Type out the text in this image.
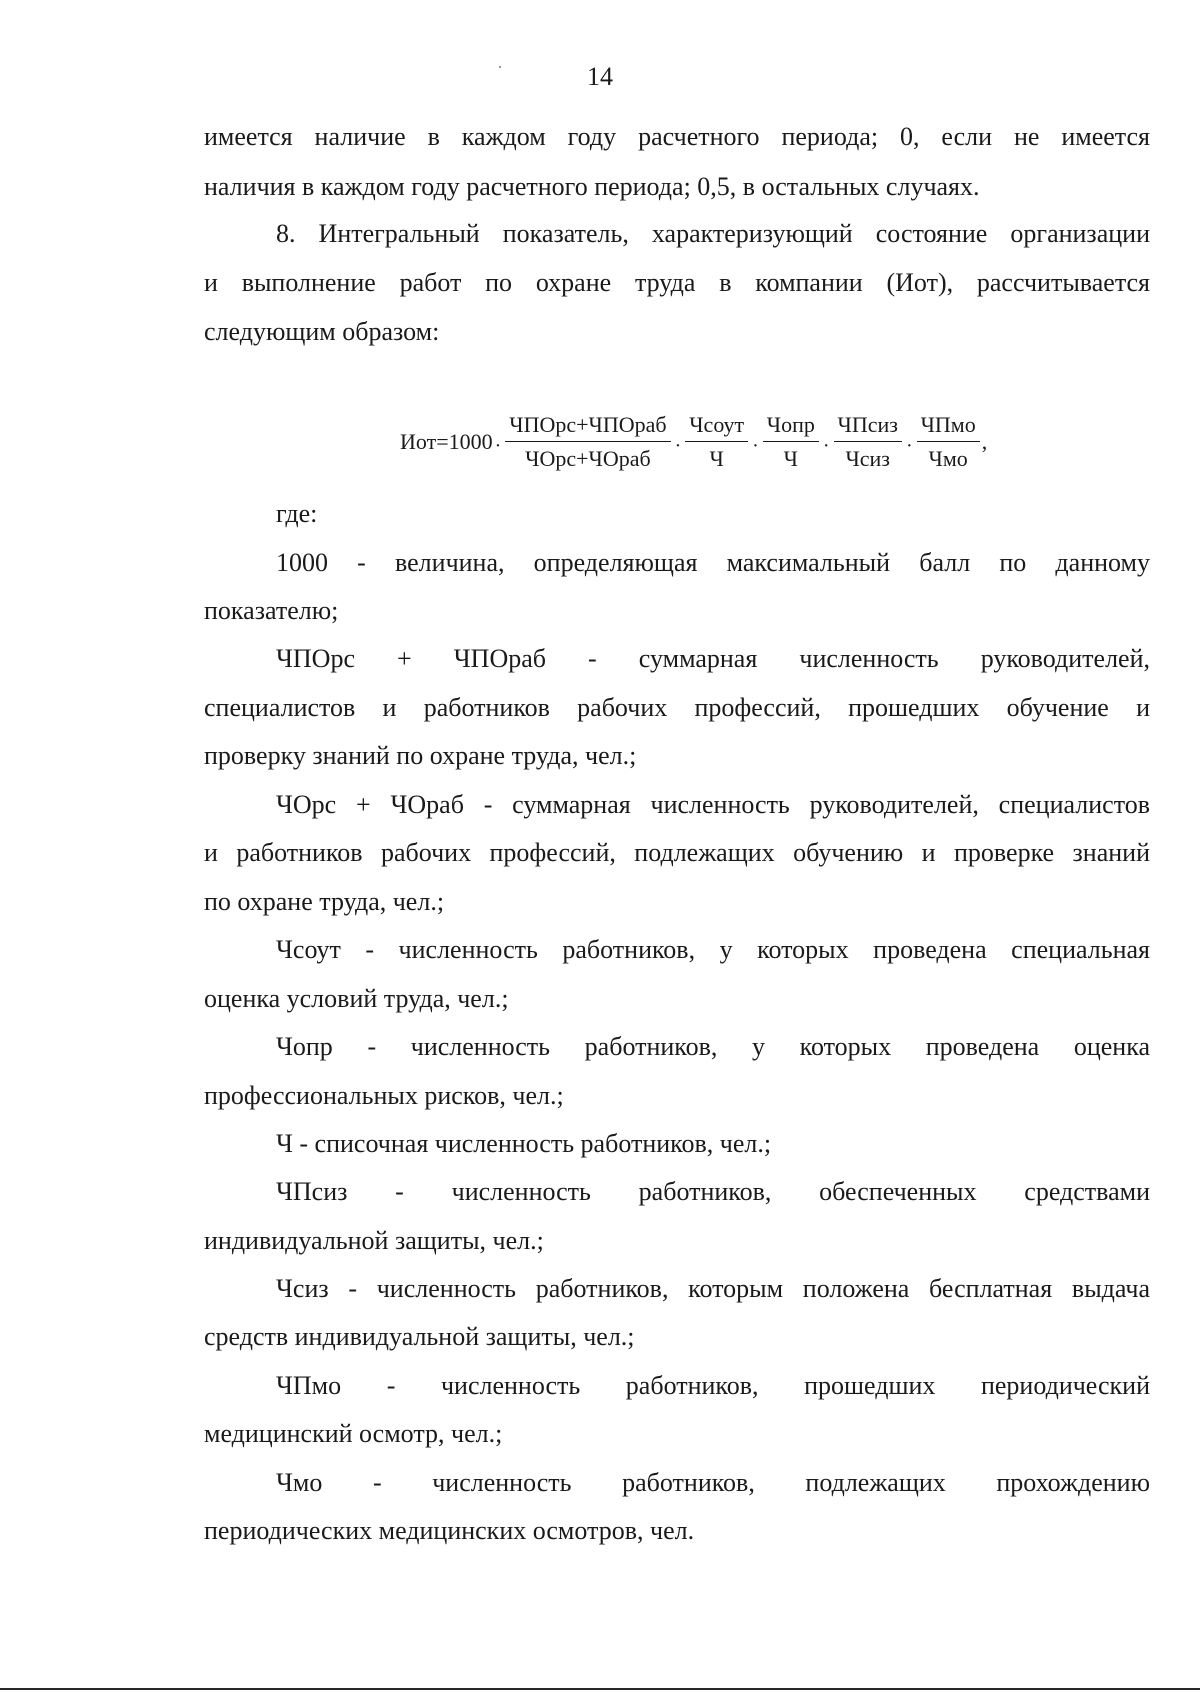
14
имеется наличие в каждом году расчетного периода; 0, если не имеется
наличия в каждом году расчетного периода; 0,5, в остальных случаях.
8. Интегральный показатель, характеризующий состояние организации
и выполнение работ по охране труда в компании (Иот), рассчитывается
следующим образом:
$Иот=1000 \cdot \frac{\text{ЧПОрс+ЧПОраб}}{\text{ЧОрс+ЧОраб}} \cdot \frac{\text{Чсоут}}{Ч} \cdot \frac{\text{Чопр}}{Ч} \cdot \frac{\text{ЧПсиз}}{\text{Чсиз}} \cdot \frac{\text{ЧПмо}}{\text{Чмо}}$ ,
где:
1000 - величина, определяющая максимальный балл по данному
показателю;
ЧПОрс + ЧПОраб - суммарная численность руководителей,
специалистов и работников рабочих профессий, прошедших обучение и
проверку знаний по охране труда, чел.;
ЧОрс + ЧОраб - суммарная численность руководителей, специалистов
и работников рабочих профессий, подлежащих обучению и проверке знаний
по охране труда, чел.;
Чсоут - численность работников, у которых проведена специальная
оценка условий труда, чел.;
Чопр - численность работников, у которых проведена оценка
профессиональных рисков, чел.;
Ч - списочная численность работников, чел.;
ЧПсиз - численность работников, обеспеченных средствами
индивидуальной защиты, чел.;
Чсиз - численность работников, которым положена бесплатная выдача
средств индивидуальной защиты, чел.;
ЧПмо - численность работников, прошедших периодический
медицинский осмотр, чел.;
Чмо - численность работников, подлежащих прохождению
периодических медицинских осмотров, чел.
